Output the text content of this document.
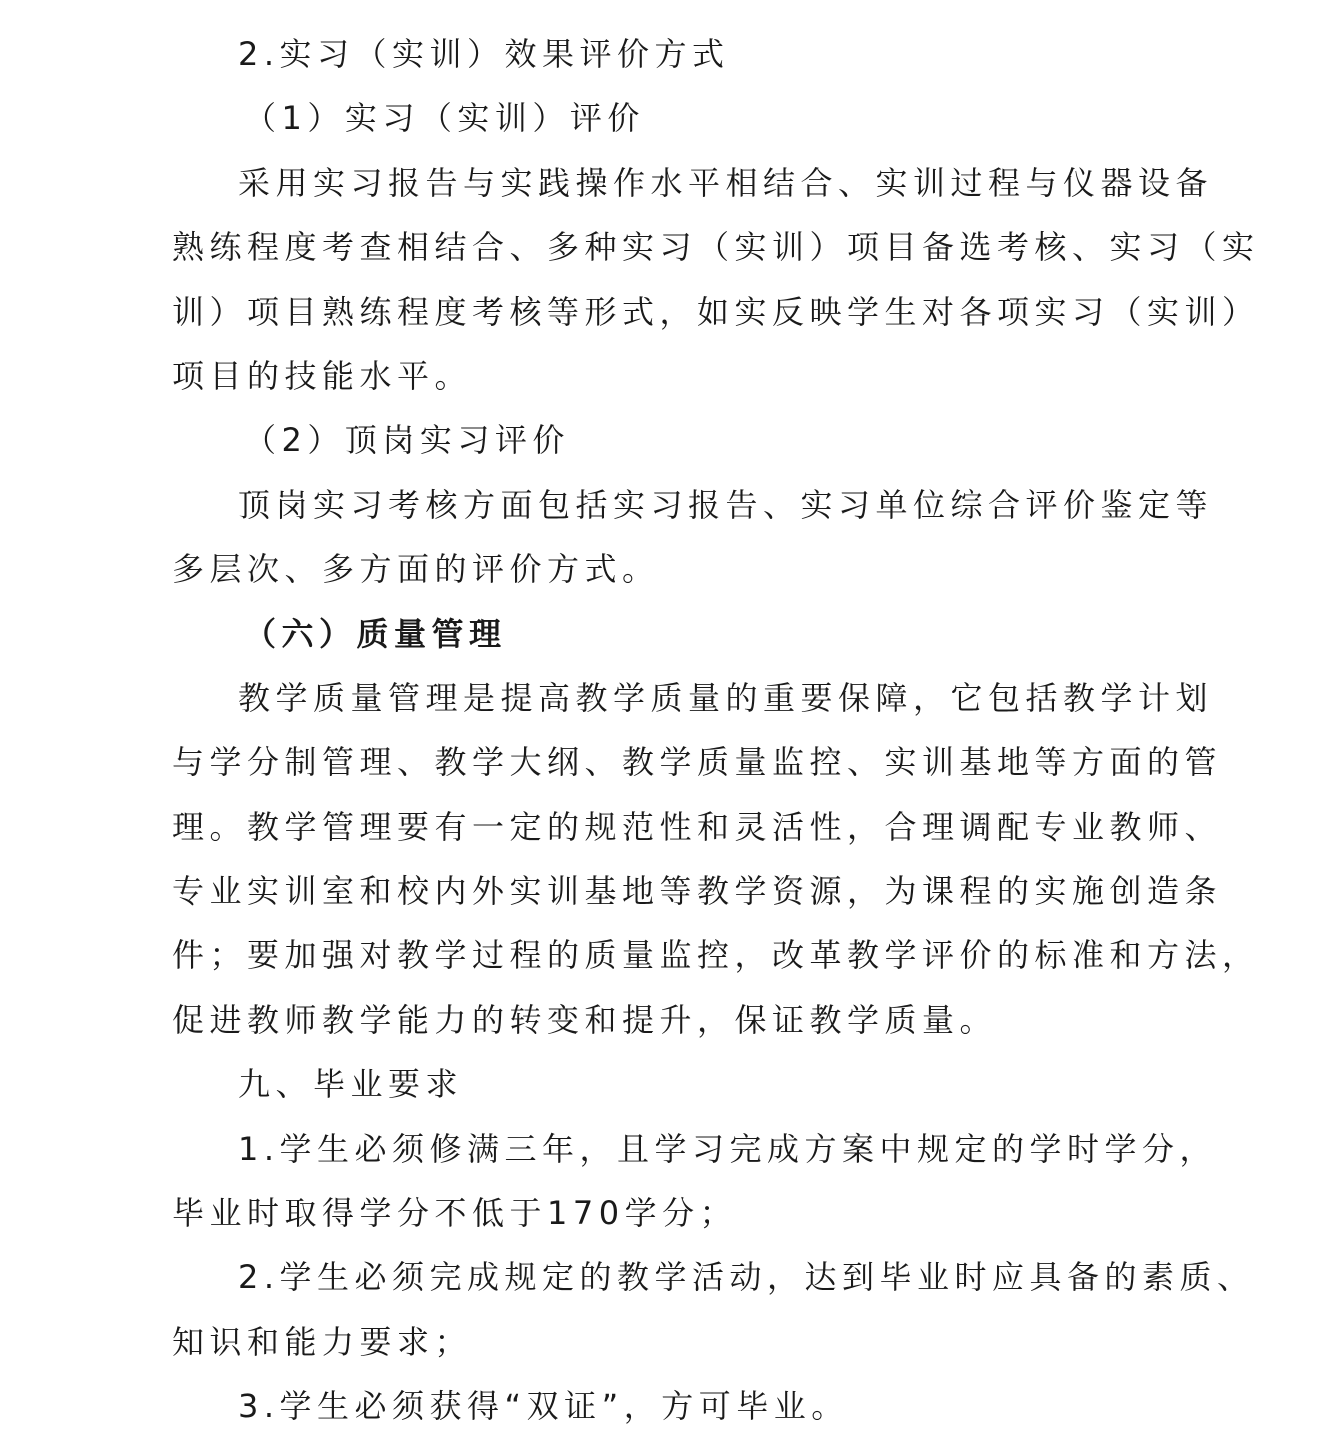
2.实习（实训）效果评价方式
（1）实习（实训）评价
采用实习报告与实践操作水平相结合、实训过程与仪器设备
熟练程度考查相结合、多种实习（实训）项目备选考核、实习（实
训）项目熟练程度考核等形式，如实反映学生对各项实习（实训）
项目的技能水平。
（2）顶岗实习评价
顶岗实习考核方面包括实习报告、实习单位综合评价鉴定等
多层次、多方面的评价方式。
（六）质量管理
教学质量管理是提高教学质量的重要保障，它包括教学计划
与学分制管理、教学大纲、教学质量监控、实训基地等方面的管
理。教学管理要有一定的规范性和灵活性，合理调配专业教师、
专业实训室和校内外实训基地等教学资源，为课程的实施创造条
件；要加强对教学过程的质量监控，改革教学评价的标准和方法，
促进教师教学能力的转变和提升，保证教学质量。
九、毕业要求
1.学生必须修满三年，且学习完成方案中规定的学时学分，
毕业时取得学分不低于170学分；
2.学生必须完成规定的教学活动，达到毕业时应具备的素质、
知识和能力要求；
3.学生必须获得“双证”，方可毕业。
